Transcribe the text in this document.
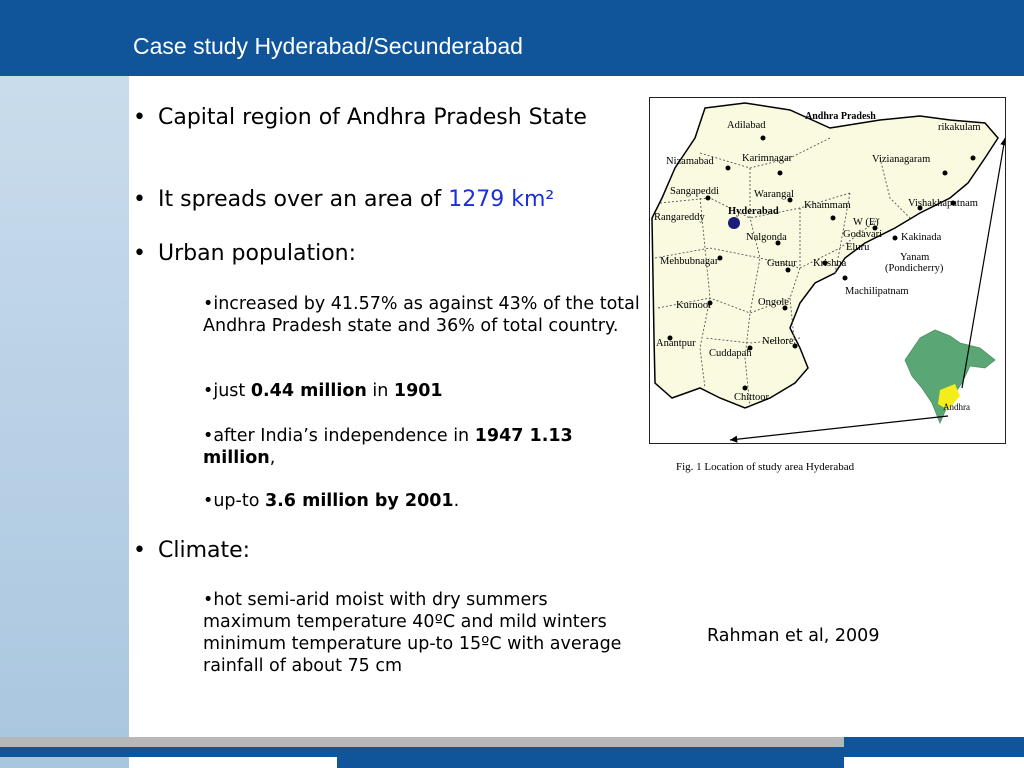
Case study Hyderabad/Secunderabad
• Capital region of Andhra Pradesh State
• It spreads over an area of 1279 km²
• Urban population:
•increased by 41.57% as against 43% of the total Andhra Pradesh state and 36% of total country.
•just 0.44 million in 1901
•after India’s independence in 1947 1.13 million,
•up-to 3.6 million by 2001.
• Climate:
•hot semi-arid moist with dry summers maximum temperature 40ºC and mild winters minimum temperature up-to 15ºC with average rainfall of about 75 cm
Andhra Pradesh
Adilabad
Nizamabad	Karimnagar
Sangapeddi	Warangal
Rangareddy
Hyderabad
Khammam
Nalgonda
Mehbubnagar	Guntur Krishna
Kurnool	Ongole
Anantpur
Cuddapah
Nellore
Chittoor
rikakulam
Vizianagaram
Vishakhapatnam
W (E)
Godavari
Eluru
Kakinada
Yanam
(Pondicherry)
Machilipatnam
Andhra
Fig. 1 Location of study area Hyderabad
Rahman et al, 2009
